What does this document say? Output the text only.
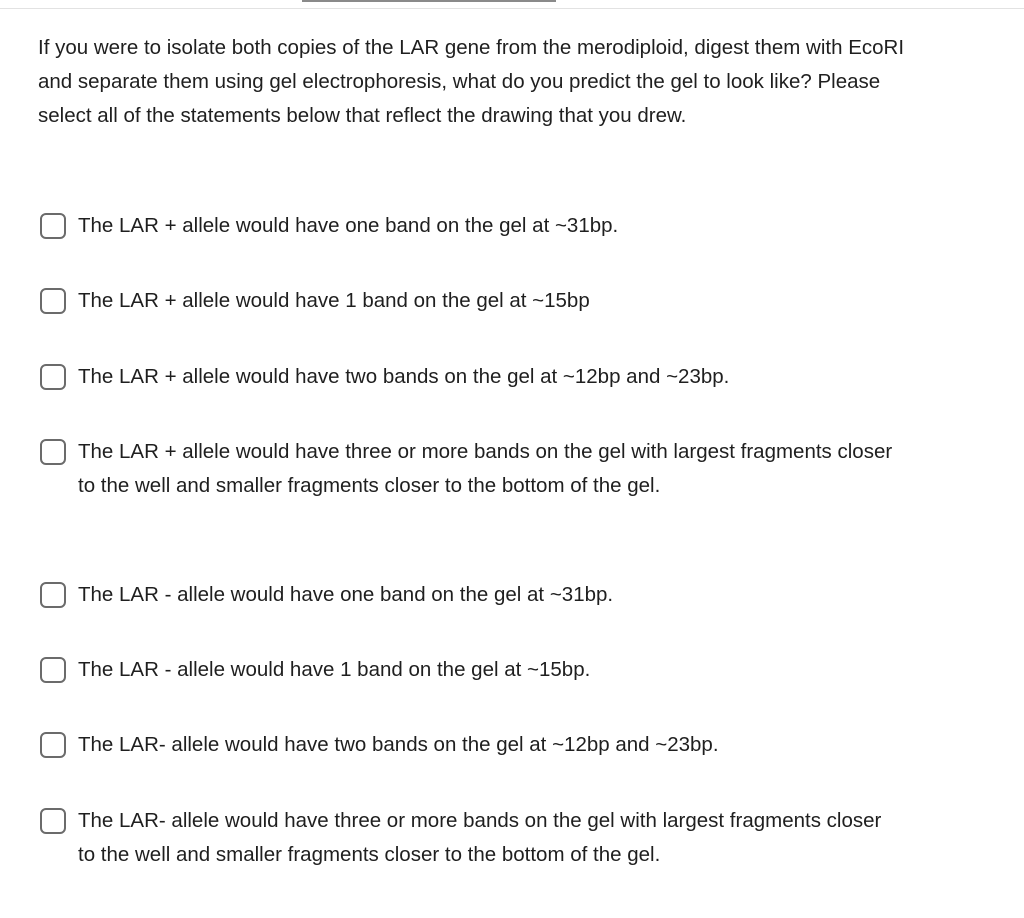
If you were to isolate both copies of the LAR gene from the merodiploid, digest them with EcoRI and separate them using gel electrophoresis, what do you predict the gel to look like? Please select all of the statements below that reflect the drawing that you drew.

The LAR + allele would have one band on the gel at ~31bp.
The LAR + allele would have 1 band on the gel at ~15bp
The LAR + allele would have two bands on the gel at ~12bp and ~23bp.
The LAR + allele would have three or more bands on the gel with largest fragments closer to the well and smaller fragments closer to the bottom of the gel.
The LAR - allele would have one band on the gel at ~31bp.
The LAR - allele would have 1 band on the gel at ~15bp.
The LAR- allele would have two bands on the gel at ~12bp and ~23bp.
The LAR- allele would have three or more bands on the gel with largest fragments closer to the well and smaller fragments closer to the bottom of the gel.
